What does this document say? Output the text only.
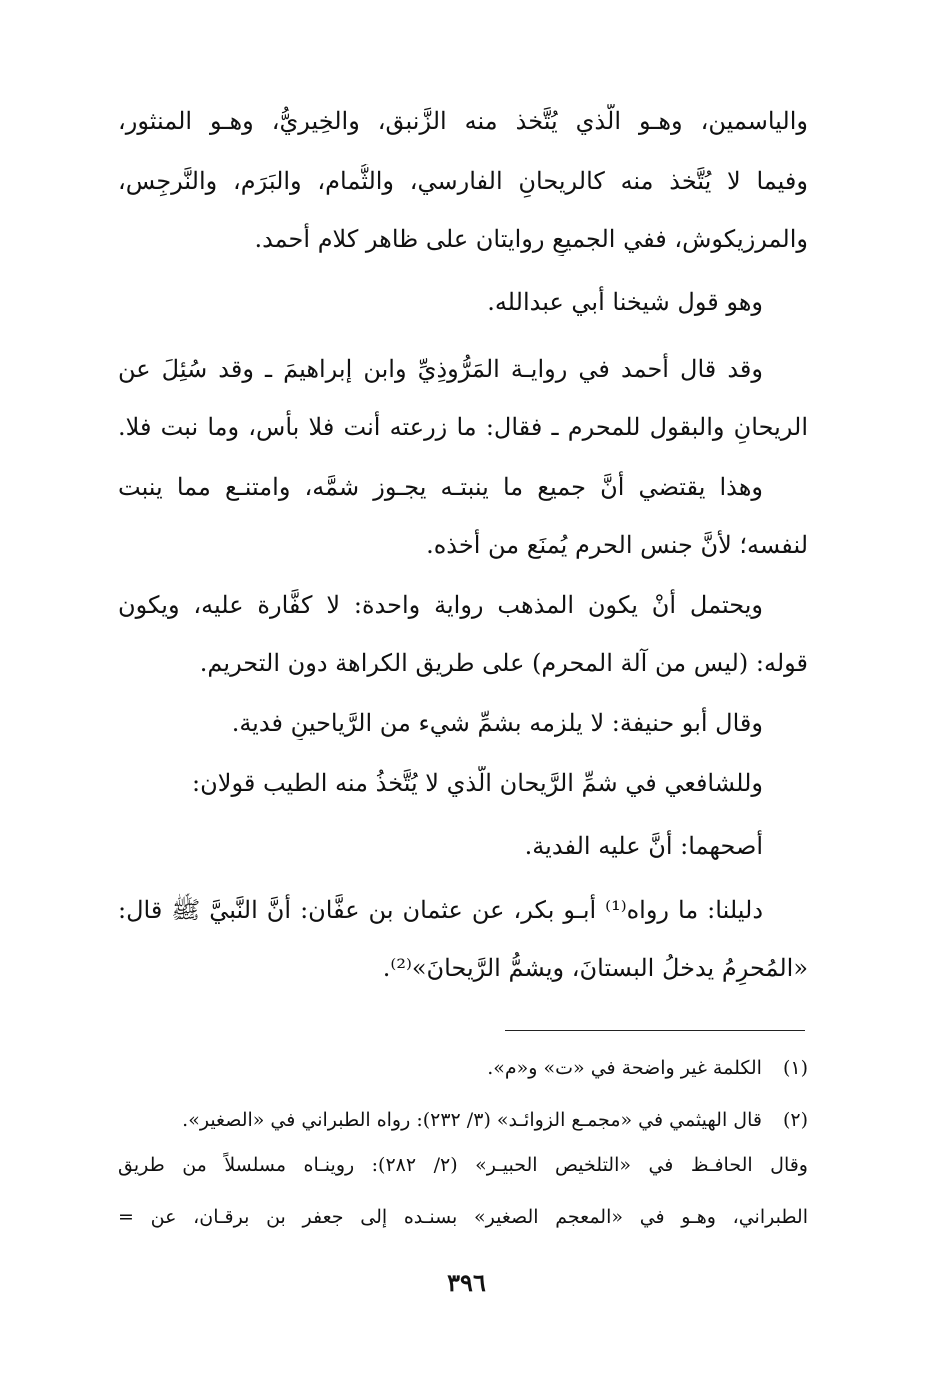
والياسمين، وهـو الَّذي يُتَّخذ منه الزَّنبق، والخِيريُّ، وهـو المنثور،
وفيما لا يُتَّخذ منه كالريحانِ الفارسي، والثُّمام، والبَرَم، والنَّرجِس،
والمرزيكوش، ففي الجميعِ روايتان على ظاهر كلام أحمد.
وهو قول شيخنا أبي عبدالله.
وقد قال أحمد في روايـة المَرُّوذِيِّ وابن إبراهيمَ ـ وقد سُئِلَ عن
الريحانِ والبقول للمحرم ـ فقال: ما زرعته أنت فلا بأس، وما نبت فلا.
وهذا يقتضي أنَّ جميع ما ينبتـه يجـوز شمَّه، وامتنـع مما ينبت
لنفسه؛ لأنَّ جنس الحرم يُمنَع من أخذه.
ويحتمل أنْ يكون المذهب رواية واحدة: لا كفَّارة عليه، ويكون
قوله: (ليس من آلة المحرم) على طريق الكراهة دون التحريم.
وقال أبو حنيفة: لا يلزمه بشمِّ شيء من الرَّياحينِ فدية.
وللشافعي في شمِّ الرَّيحان الَّذي لا يُتَّخذُ منه الطيب قولان:
أصحهما: أنَّ عليه الفدية.
دليلنا: ما رواه⁽¹⁾ أبـو بكر، عن عثمان بن عفَّان: أنَّ النَّبيَّ ﷺ قال:
«المُحرِمُ يدخلُ البستانَ، ويشمُّ الرَّيحانَ»⁽²⁾.
(١) الكلمة غير واضحة في «ت» و«م».
(٢) قال الهيثمي في «مجمـع الزوائـد» (٣/ ٢٣٢): رواه الطبراني في «الصغير».
وقال الحافـظ في «التلخيص الحبيـر» (٢/ ٢٨٢): روينـاه مسلسلاً من طريق
الطبراني، وهـو في «المعجم الصغير» بسنـده إلى جعفر بن برقـان، عن =
٣٩٦
